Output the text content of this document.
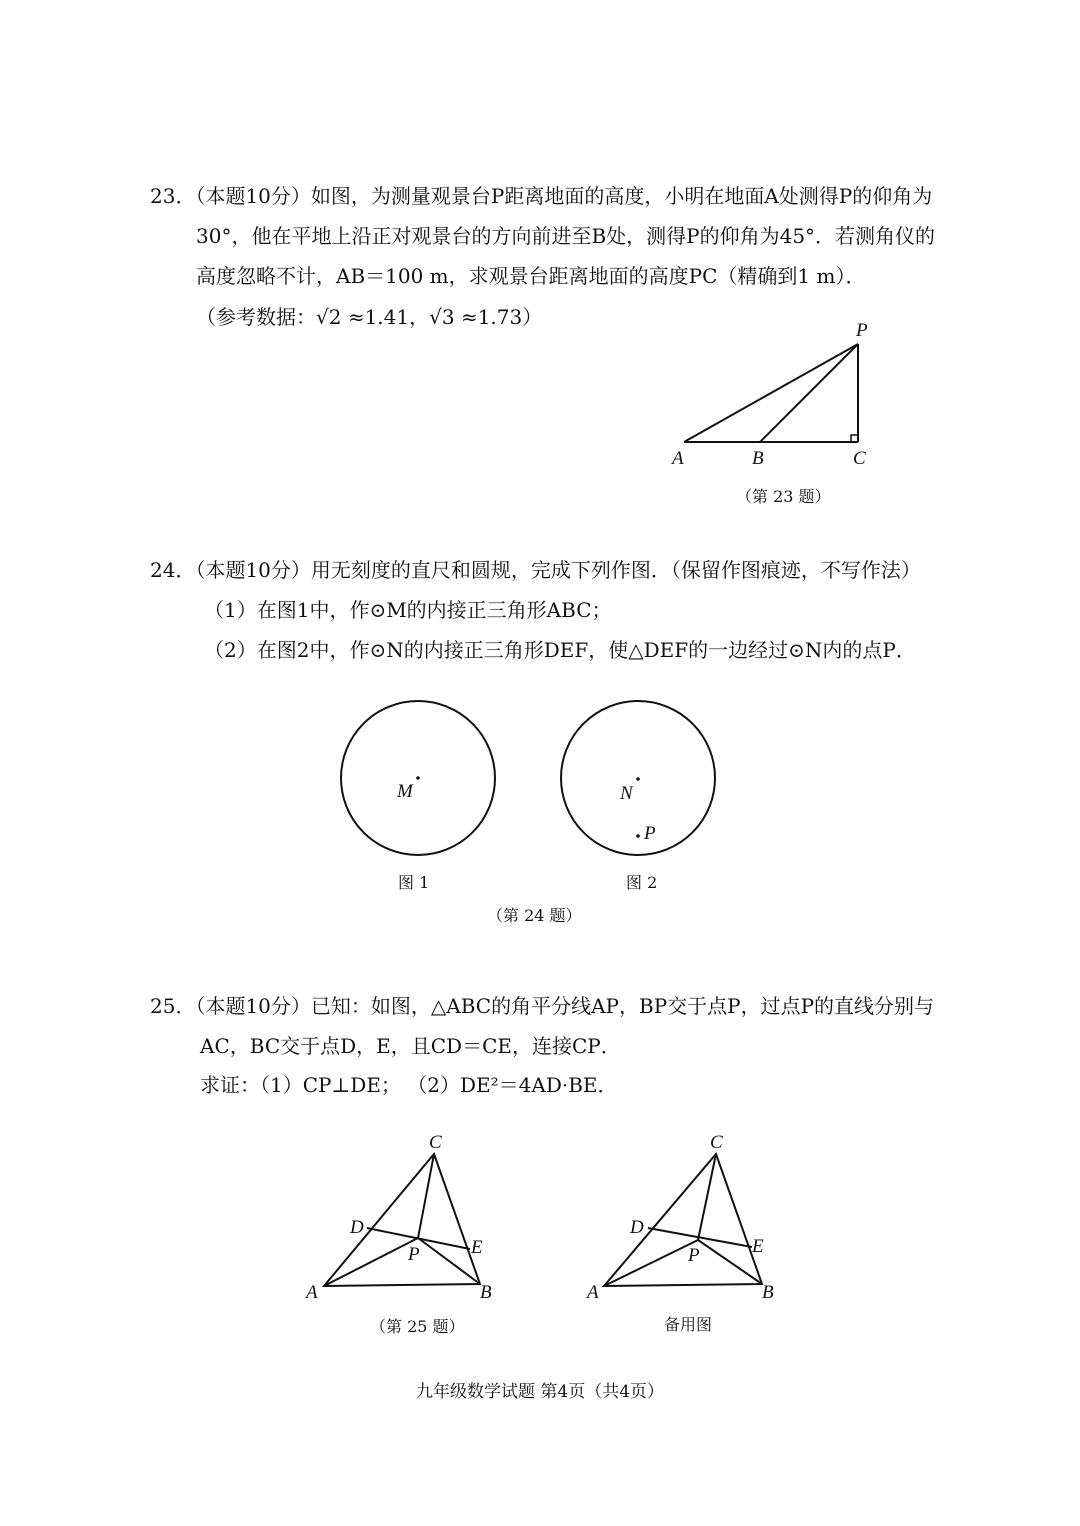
23．（本题10分）如图，为测量观景台P距离地面的高度，小明在地面A处测得P的仰角为
30°，他在平地上沿正对观景台的方向前进至B处，测得P的仰角为45°．若测角仪的
高度忽略不计，AB＝100 m，求观景台距离地面的高度PC（精确到1 m）．
（参考数据：√2 ≈1.41，√3 ≈1.73）
A	B	C
P
（第 23 题）
24．（本题10分）用无刻度的直尺和圆规，完成下列作图．（保留作图痕迹，不写作法）
（1）在图1中，作⊙M的内接正三角形ABC；
（2）在图2中，作⊙N的内接正三角形DEF，使△DEF的一边经过⊙N内的点P．
M	N
P
图 1	图 2
（第 24 题）
25．（本题10分）已知：如图，△ABC的角平分线AP，BP交于点P，过点P的直线分别与
AC，BC交于点D，E，且CD＝CE，连接CP．
求证：（1）CP⊥DE； （2）DE²＝4AD·BE．
A	B
C
D
E
P
A	B
C
D
E
P
（第 25 题）	备用图
九年级数学试题 第4页（共4页）
